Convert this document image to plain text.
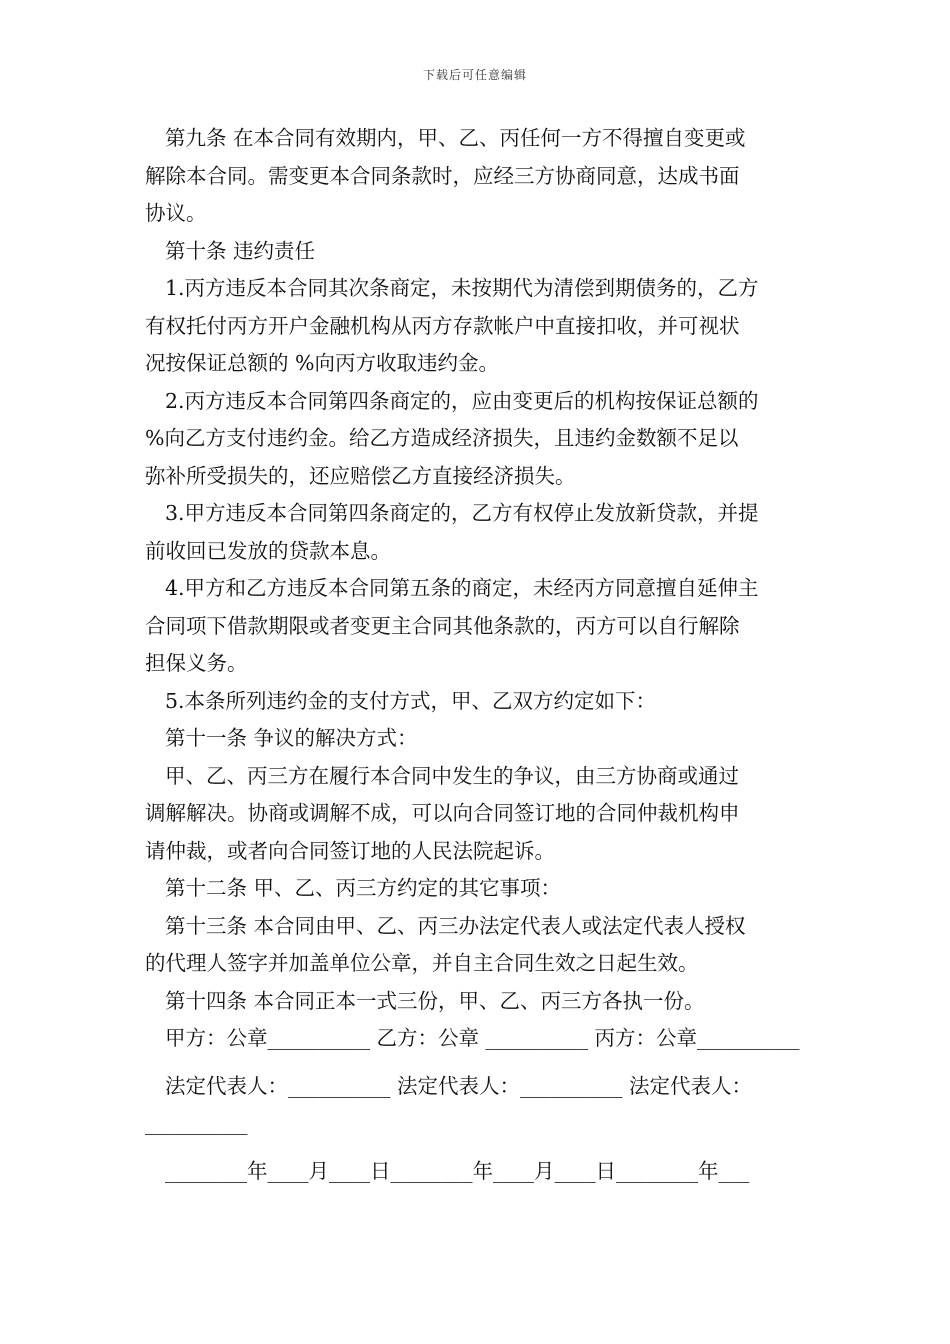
下载后可任意编辑

第九条 在本合同有效期内，甲、乙、丙任何一方不得擅自变更或

解除本合同。需变更本合同条款时，应经三方协商同意，达成书面

协议。

第十条 违约责任

1.丙方违反本合同其次条商定，未按期代为清偿到期债务的，乙方

有权托付丙方开户金融机构从丙方存款帐户中直接扣收，并可视状

况按保证总额的 %向丙方收取违约金。

2.丙方违反本合同第四条商定的，应由变更后的机构按保证总额的

%向乙方支付违约金。给乙方造成经济损失，且违约金数额不足以

弥补所受损失的，还应赔偿乙方直接经济损失。

3.甲方违反本合同第四条商定的，乙方有权停止发放新贷款，并提

前收回已发放的贷款本息。

4.甲方和乙方违反本合同第五条的商定，未经丙方同意擅自延伸主

合同项下借款期限或者变更主合同其他条款的，丙方可以自行解除

担保义务。

5.本条所列违约金的支付方式，甲、乙双方约定如下：

第十一条 争议的解决方式：

甲、乙、丙三方在履行本合同中发生的争议，由三方协商或通过

调解解决。协商或调解不成，可以向合同签订地的合同仲裁机构申

请仲裁，或者向合同签订地的人民法院起诉。

第十二条 甲、乙、丙三方约定的其它事项：

第十三条 本合同由甲、乙、丙三办法定代表人或法定代表人授权

的代理人签字并加盖单位公章，并自主合同生效之日起生效。

第十四条 本合同正本一式三份，甲、乙、丙三方各执一份。

甲方：公章__________ 乙方：公章 __________ 丙方：公章__________

法定代表人：__________ 法定代表人：__________ 法定代表人：__________

________年____月____日________年____月____日________年___
